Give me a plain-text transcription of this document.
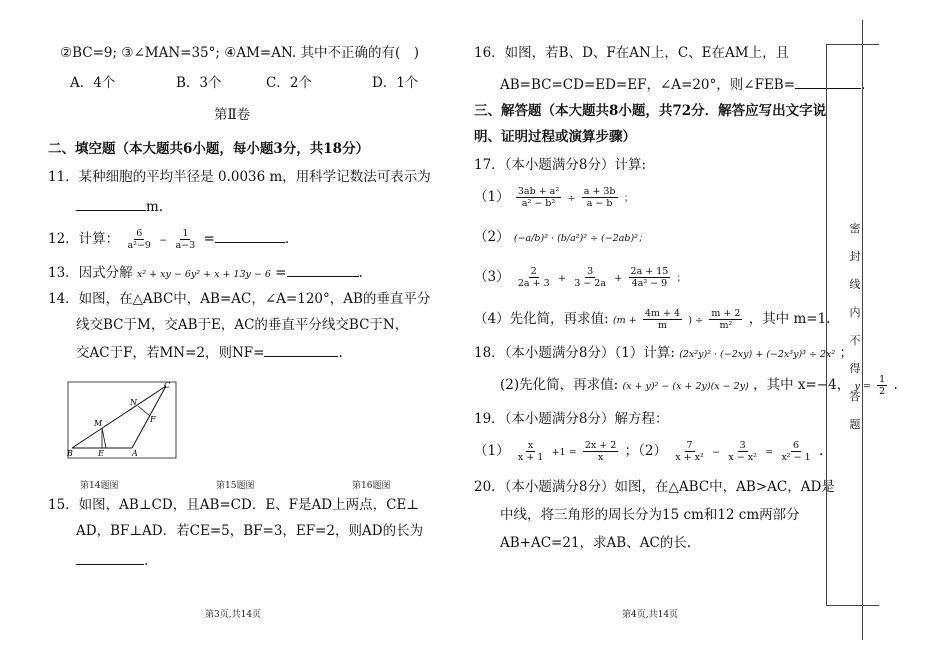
②BC=9; ③∠MAN=35°; ④AM=AN. 其中不正确的有(　)
A．4个	B．3个	C．2个	D．1个
第Ⅱ卷
二、填空题（本大题共6小题，每小题3分，共18分）
11．某种细胞的平均半径是 0.0036 m，用科学记数法可表示为
m.
12．计算： $\frac{6}{\text{a²−9}} - \frac{1}{a-3}$ =	.
13．因式分解 x² + xy − 6y² + x + 13y − 6 =	.
14．如图，在△ABC中，AB=AC，∠A=120°，AB的垂直平分
线交BC于M，交AB于E，AC的垂直平分线交BC于N，
交AC于F，若MN=2，则NF=	.
C
N
F
M
B	E	A
第14题图	第15题图	第16题图
15．如图，AB⊥CD，且AB=CD．E、F是AD上两点，CE⊥
AD，BF⊥AD．若CE=5，BF=3，EF=2，则AD的长为
.
第3页,共14页
16．如图，若B、D、F在AN上，C、E在AM上，且
AB=BC=CD=ED=EF，∠A=20°，则∠FEB=	.
三、解答题（本大题共8小题，共72分．解答应写出文字说
明、证明过程或演算步骤）
17．（本小题满分8分）计算:
$(1) \frac{\text{3ab + a²}}{\text{a² − b²}} \div \frac{a + 3b}{a - b}$ ；
（2） (−a/b)² · (b/a²)² ÷ (−2ab)²；
$(3) \frac{2}{2a + 3} + \frac{3}{3 - 2a} + \frac{2a + 15}{\text{4a² − 9}}$ ；
（4）先化简，再求值: ($m + \frac{4m + 4}{m}$ ) ÷ $\frac{m + 2}{\text{m²}}$ ，其中 m=1.
18．（本小题满分8分）（1）计算: (2x²y)² · (−2xy) + (−2x³y)³ ÷ 2x² ；
(2)先化简，再求值: (x + y)² − (x + 2y)(x − 2y) ，其中 x=−4， $y = \frac{1}{2}$ .
19．（本小题满分8分）解方程：
$(1) \frac{x}{x + 1} +1 = \frac{2x + 2}{x}$ ；$(2) \frac{7}{\text{x + x²}} - \frac{3}{\text{x − x²}} = \frac{6}{\text{x² − 1}}$ .
20．（本小题满分8分）如图，在△ABC中，AB>AC，AD是
中线，将三角形的周长分为15 cm和12 cm两部分
AB+AC=21，求AB、AC的长.
第4页,共14页
密
封
线
内
不
得
答
题
